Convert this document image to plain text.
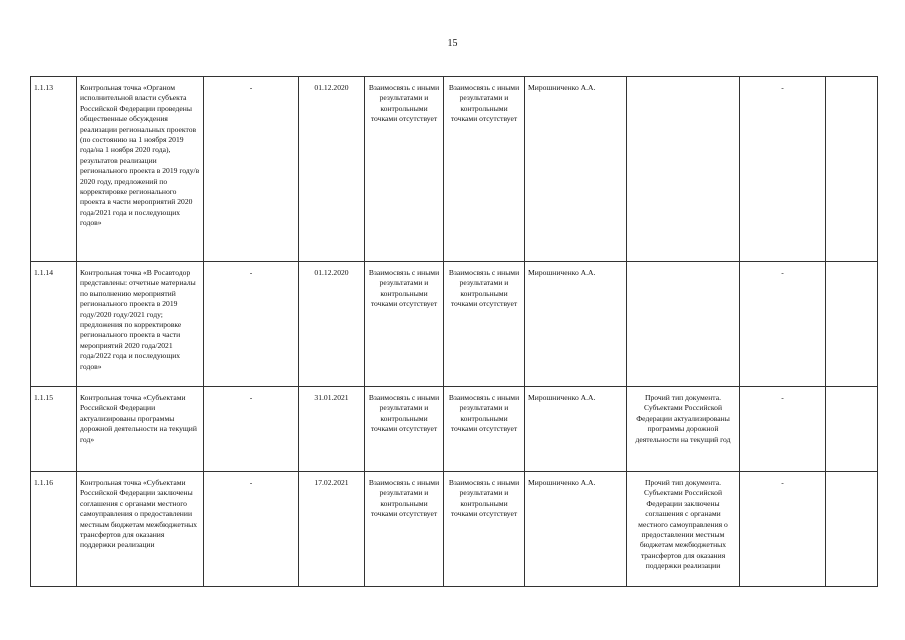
15
1.1.13	Контрольная точка «Органом исполнительной власти субъекта Российской Федерации проведены общественные обсуждения реализации региональных проектов (по состоянию на 1 ноября 2019 года/на 1 ноября 2020 года), результатов реализации регионального проекта в 2019 году/в 2020 году, предложений по корректировке регионального проекта в части мероприятий 2020 года/2021 года и последующих годов»	-	01.12.2020	Взаимосвязь с иными результатами и контрольными точками отсутствует	Взаимосвязь с иными результатами и контрольными точками отсутствует	Мирошниченко А.А.		-	
1.1.14	Контрольная точка «В Росавтодор представлены: отчетные материалы по выполнению мероприятий регионального проекта в 2019 году/2020 году/2021 году; предложения по корректировке регионального проекта в части мероприятий 2020 года/2021 года/2022 года и последующих годов»	-	01.12.2020	Взаимосвязь с иными результатами и контрольными точками отсутствует	Взаимосвязь с иными результатами и контрольными точками отсутствует	Мирошниченко А.А.		-	
1.1.15	Контрольная точка «Субъектами Российской Федерации актуализированы программы дорожной деятельности на текущий год»	-	31.01.2021	Взаимосвязь с иными результатами и контрольными точками отсутствует	Взаимосвязь с иными результатами и контрольными точками отсутствует	Мирошниченко А.А.	Прочий тип документа. Субъектами Российской Федерации актуализированы программы дорожной деятельности на текущий год	-	
1.1.16	Контрольная точка «Субъектами Российской Федерации заключены соглашения с органами местного самоуправления о предоставлении местным бюджетам межбюджетных трансфертов для оказания поддержки реализации	-	17.02.2021	Взаимосвязь с иными результатами и контрольными точками отсутствует	Взаимосвязь с иными результатами и контрольными точками отсутствует	Мирошниченко А.А.	Прочий тип документа. Субъектами Российской Федерации заключены соглашения с органами местного самоуправления о предоставлении местным бюджетам межбюджетных трансфертов для оказания поддержки реализации	-	
